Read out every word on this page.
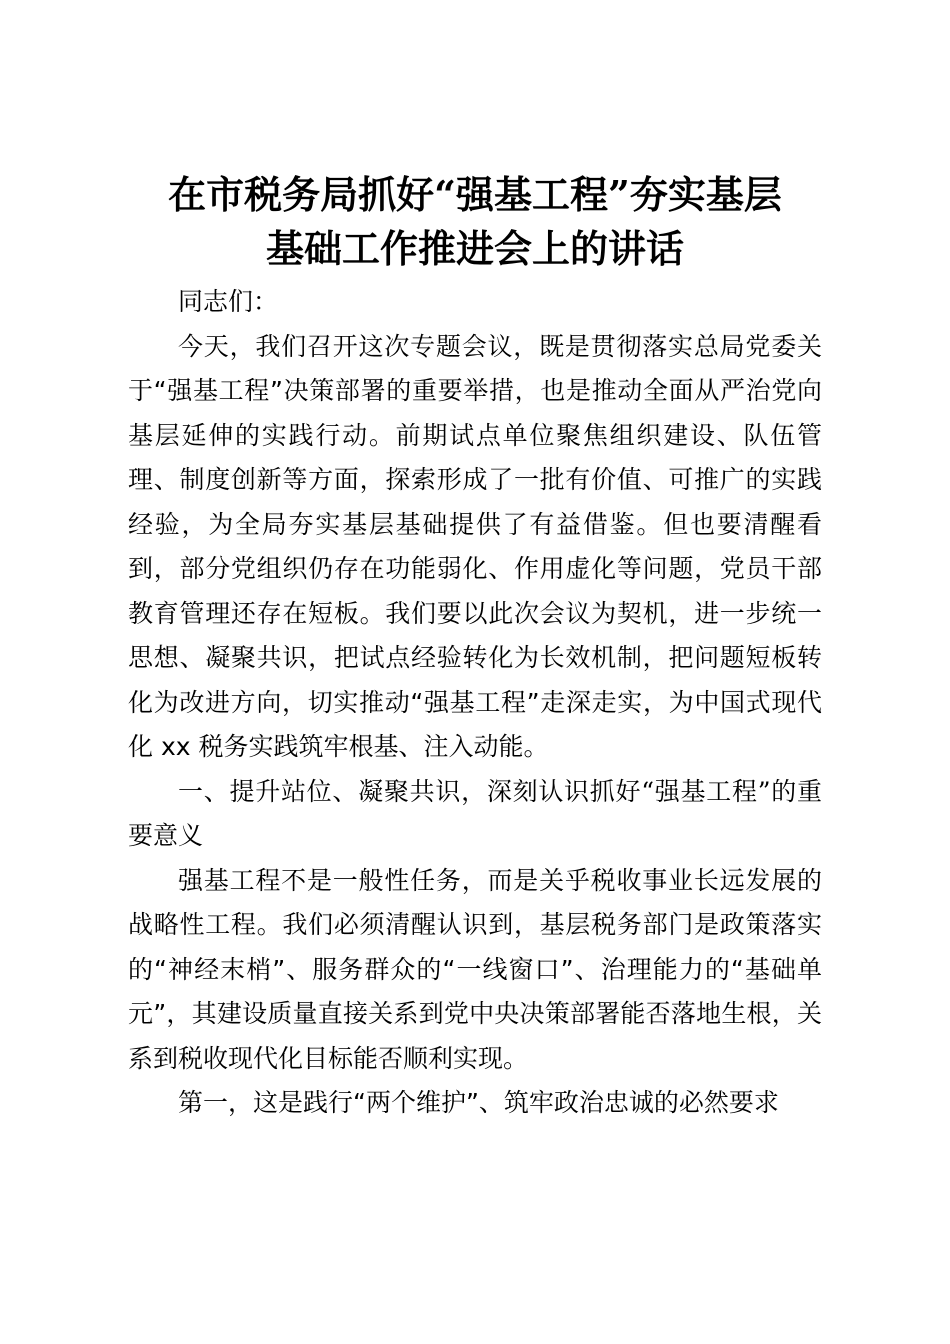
在市税务局抓好“强基工程”夯实基层
基础工作推进会上的讲话

同志们：

今天，我们召开这次专题会议，既是贯彻落实总局党委关于“强基工程”决策部署的重要举措，也是推动全面从严治党向基层延伸的实践行动。前期试点单位聚焦组织建设、队伍管理、制度创新等方面，探索形成了一批有价值、可推广的实践经验，为全局夯实基层基础提供了有益借鉴。但也要清醒看到，部分党组织仍存在功能弱化、作用虚化等问题，党员干部教育管理还存在短板。我们要以此次会议为契机，进一步统一思想、凝聚共识，把试点经验转化为长效机制，把问题短板转化为改进方向，切实推动“强基工程”走深走实，为中国式现代化 xx 税务实践筑牢根基、注入动能。

一、提升站位、凝聚共识，深刻认识抓好“强基工程”的重要意义

强基工程不是一般性任务，而是关乎税收事业长远发展的战略性工程。我们必须清醒认识到，基层税务部门是政策落实的“神经末梢”、服务群众的“一线窗口”、治理能力的“基础单元”，其建设质量直接关系到党中央决策部署能否落地生根，关系到税收现代化目标能否顺利实现。

第一，这是践行“两个维护”、筑牢政治忠诚的必然要求
